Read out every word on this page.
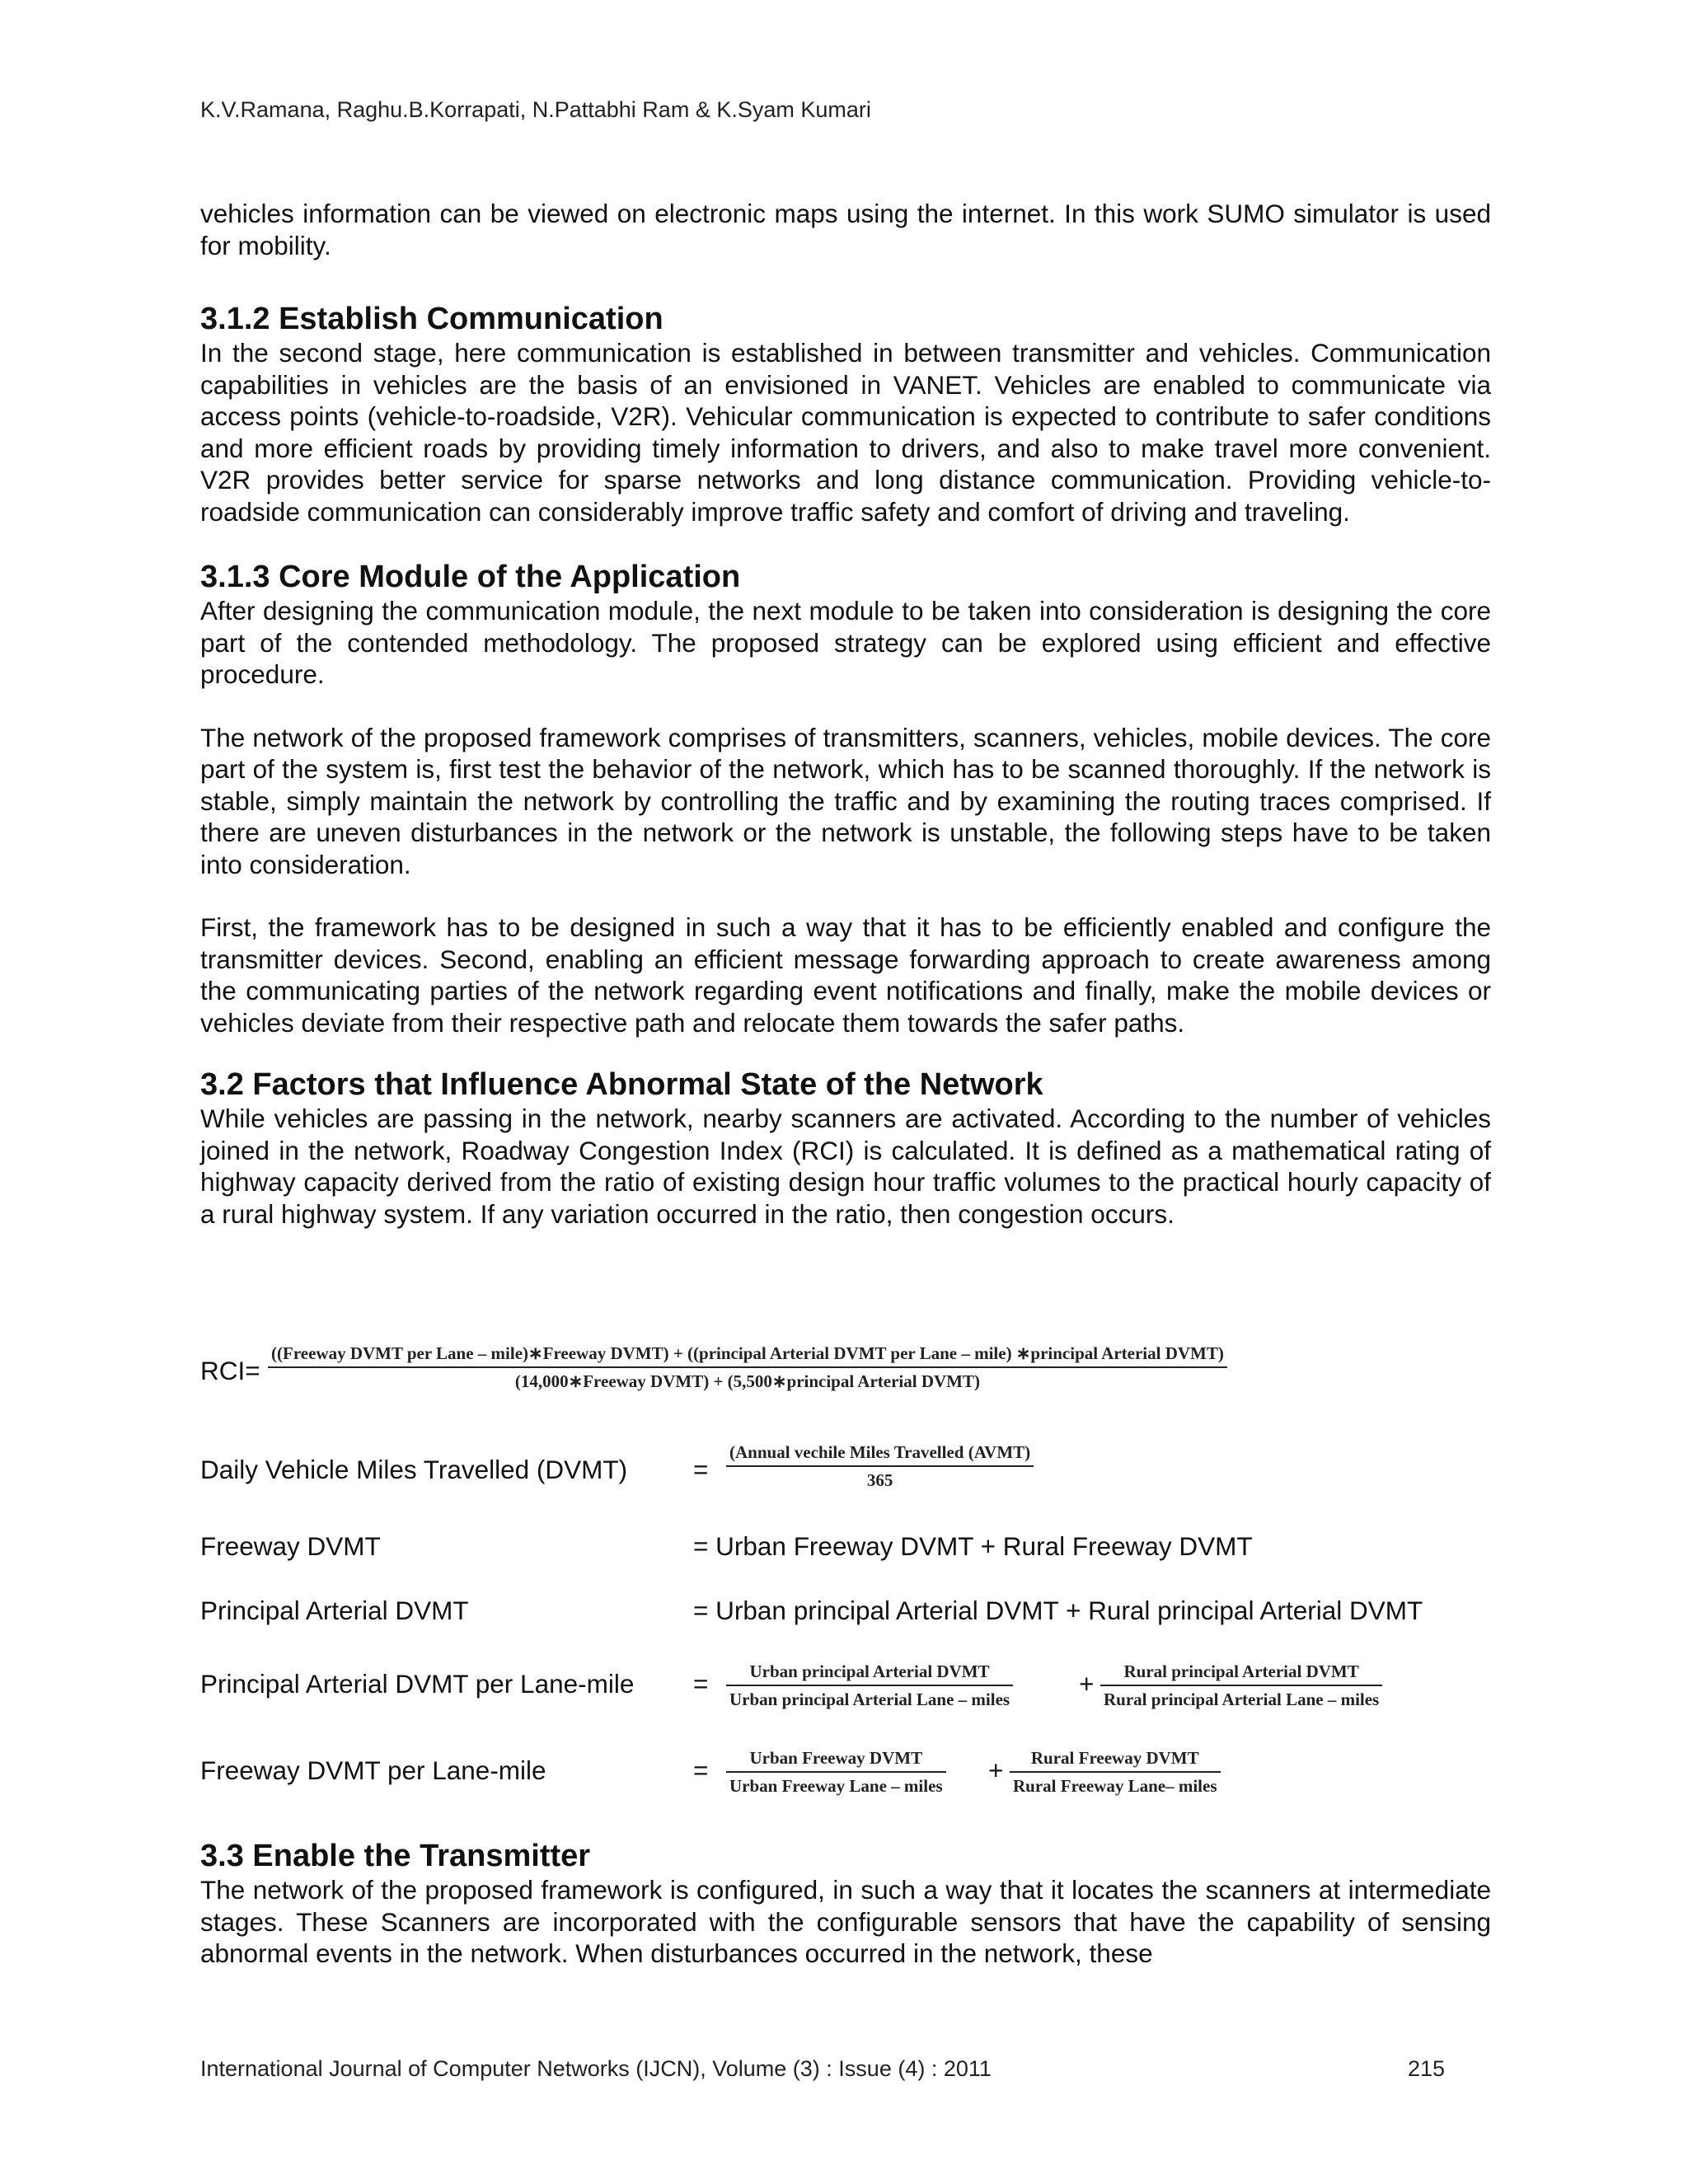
K.V.Ramana, Raghu.B.Korrapati, N.Pattabhi Ram & K.Syam Kumari

vehicles information can be viewed on electronic maps using the internet. In this work SUMO simulator is used for mobility.

3.1.2 Establish Communication

In the second stage, here communication is established in between transmitter and vehicles. Communication capabilities in vehicles are the basis of an envisioned in VANET. Vehicles are enabled to communicate via access points (vehicle-to-roadside, V2R). Vehicular communication is expected to contribute to safer conditions and more efficient roads by providing timely information to drivers, and also to make travel more convenient. V2R provides better service for sparse networks and long distance communication. Providing vehicle-to-roadside communication can considerably improve traffic safety and comfort of driving and traveling.

3.1.3 Core Module of the Application

After designing the communication module, the next module to be taken into consideration is designing the core part of the contended methodology. The proposed strategy can be explored using efficient and effective procedure.

The network of the proposed framework comprises of transmitters, scanners, vehicles, mobile devices. The core part of the system is, first test the behavior of the network, which has to be scanned thoroughly. If the network is stable, simply maintain the network by controlling the traffic and by examining the routing traces comprised. If there are uneven disturbances in the network or the network is unstable, the following steps have to be taken into consideration.

First, the framework has to be designed in such a way that it has to be efficiently enabled and configure the transmitter devices. Second, enabling an efficient message forwarding approach to create awareness among the communicating parties of the network regarding event notifications and finally, make the mobile devices or vehicles deviate from their respective path and relocate them towards the safer paths.

3.2 Factors that Influence Abnormal State of the Network

While vehicles are passing in the network, nearby scanners are activated. According to the number of vehicles joined in the network, Roadway Congestion Index (RCI) is calculated. It is defined as a mathematical rating of highway capacity derived from the ratio of existing design hour traffic volumes to the practical hourly capacity of a rural highway system. If any variation occurred in the ratio, then congestion occurs.

RCI=
((Freeway DVMT per Lane – mile)∗Freeway DVMT) + ((principal Arterial DVMT per Lane – mile) ∗principal Arterial DVMT)
(14,000∗Freeway DVMT) + (5,500∗principal Arterial DVMT)
Daily Vehicle Miles Travelled (DVMT)	=
(Annual vechile Miles Travelled (AVMT)
365
Freeway DVMT	= Urban Freeway DVMT + Rural Freeway DVMT
Principal Arterial DVMT	= Urban principal Arterial DVMT + Rural principal Arterial DVMT
Principal Arterial DVMT per Lane-mile =	Urban principal Arterial DVMT
Urban principal Arterial Lane – miles
+	Rural principal Arterial DVMT
Rural principal Arterial Lane – miles
Freeway DVMT per Lane-mile	=	Urban Freeway DVMT
Urban Freeway Lane – miles
+	Rural Freeway DVMT
Rural Freeway Lane– miles
3.3 Enable the Transmitter

The network of the proposed framework is configured, in such a way that it locates the scanners at intermediate stages. These Scanners are incorporated with the configurable sensors that have the capability of sensing abnormal events in the network. When disturbances occurred in the network, these

International Journal of Computer Networks (IJCN), Volume (3) : Issue (4) : 2011	215
